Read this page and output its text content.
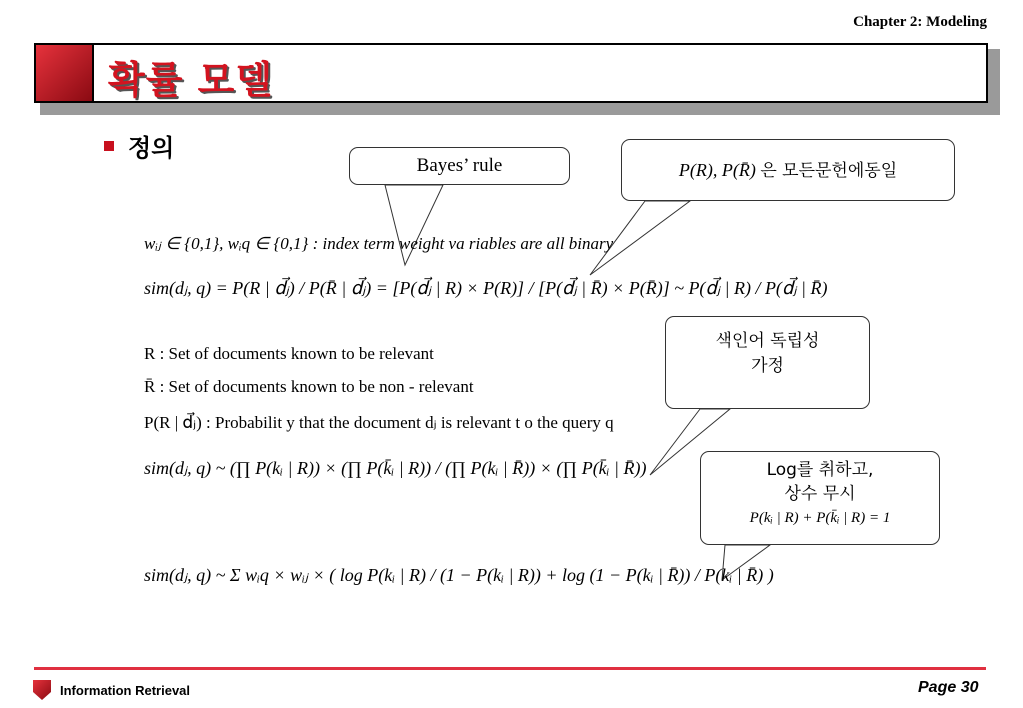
Chapter 2: Modeling
확률 모델
정의
Bayes’ rule	P(R), P(R̄) 은 모든문헌에동일
색인어 독립성
가정
Log를 취하고,
상수 무시
P(kᵢ | R) + P(k̄ᵢ | R) = 1
wᵢⱼ ∈ {0,1}, wᵢq ∈ {0,1} : index term weight va riables are all binary
sim(dⱼ, q) = P(R | d⃗ⱼ) / P(R̄ | d⃗ⱼ) = [P(d⃗ⱼ | R) × P(R)] / [P(d⃗ⱼ | R̄) × P(R̄)] ~ P(d⃗ⱼ | R) / P(d⃗ⱼ | R̄)
R : Set of documents known to be relevant
R̄ : Set of documents known to be non - relevant
P(R | d⃗ⱼ) : Probabilit y that the document dⱼ is relevant t o the query q
sim(dⱼ, q) ~ (∏ P(kᵢ | R)) × (∏ P(k̄ᵢ | R)) / (∏ P(kᵢ | R̄)) × (∏ P(k̄ᵢ | R̄))
sim(dⱼ, q) ~ Σ wᵢq × wᵢⱼ × ( log P(kᵢ | R) / (1 − P(kᵢ | R)) + log (1 − P(kᵢ | R̄)) / P(kᵢ | R̄) )
Information Retrieval	Page 30
